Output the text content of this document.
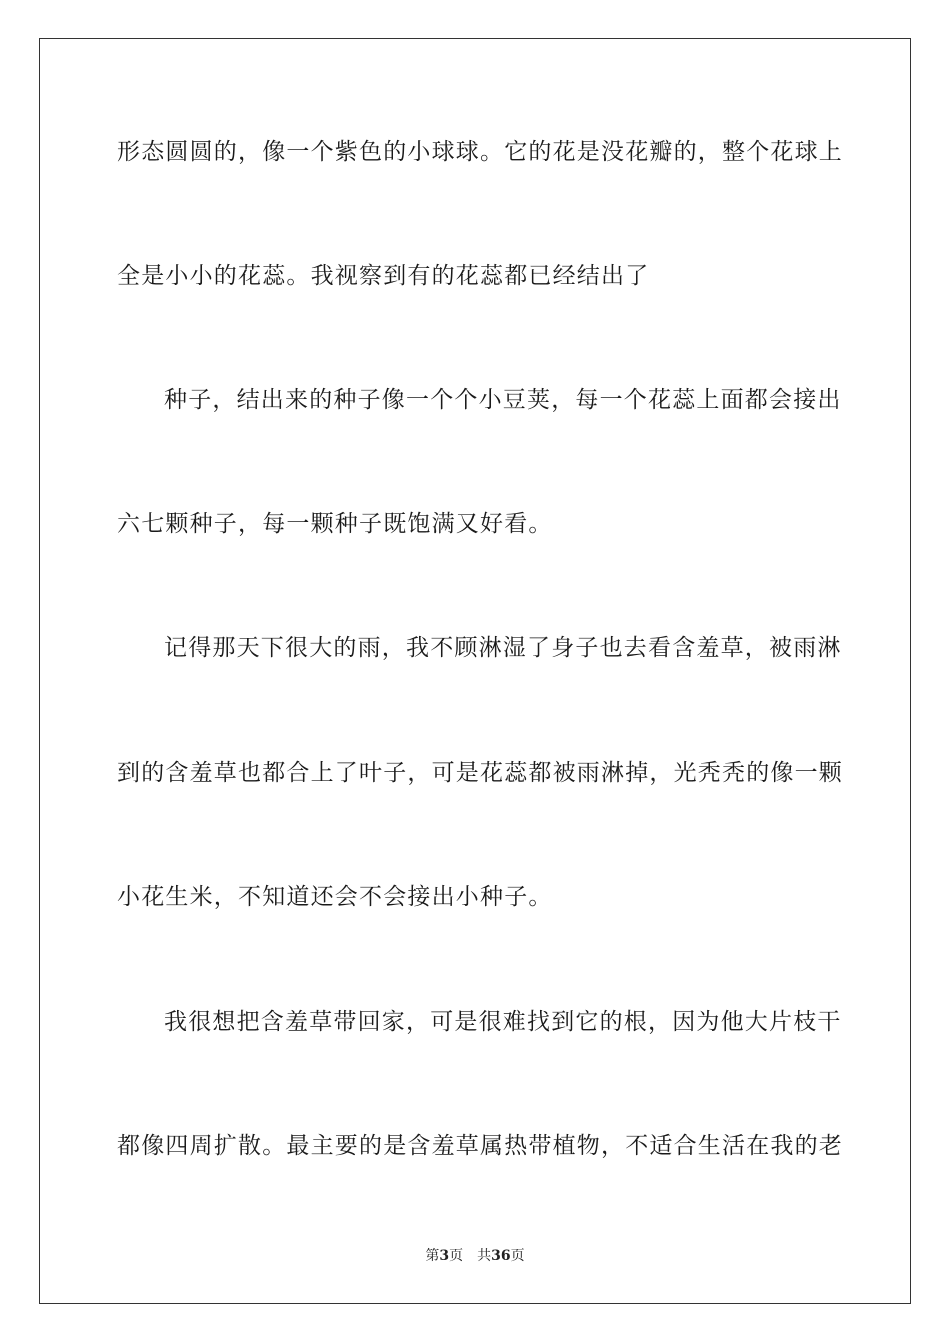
形态圆圆的，像一个紫色的小球球。它的花是没花瓣的，整个花球上
全是小小的花蕊。我视察到有的花蕊都已经结出了
种子，结出来的种子像一个个小豆荚，每一个花蕊上面都会接出
六七颗种子，每一颗种子既饱满又好看。
记得那天下很大的雨，我不顾淋湿了身子也去看含羞草，被雨淋
到的含羞草也都合上了叶子，可是花蕊都被雨淋掉，光秃秃的像一颗
小花生米，不知道还会不会接出小种子。
我很想把含羞草带回家，可是很难找到它的根，因为他大片枝干
都像四周扩散。最主要的是含羞草属热带植物，不适合生活在我的老
第3页 共36页
